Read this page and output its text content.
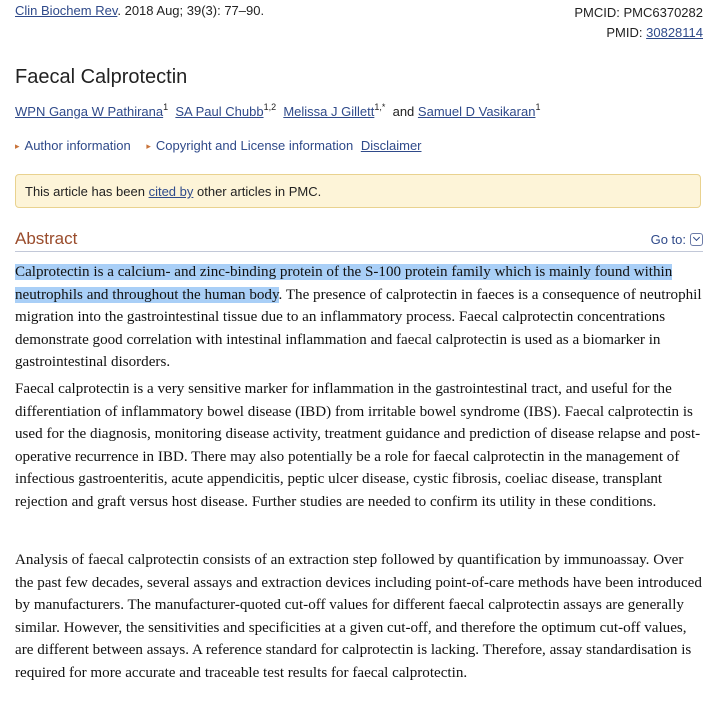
Clin Biochem Rev. 2018 Aug; 39(3): 77–90.	PMCID: PMC6370282
PMID: 30828114
Faecal Calprotectin
WPN Ganga W Pathirana$^1$ SA Paul Chubb$^{1,2}$ Melissa J Gillett$^{1,*}$ and Samuel D Vasikaran$^1$
▸ Author information ▸ Copyright and License information Disclaimer
This article has been cited by other articles in PMC.
Abstract	Go to:

Calprotectin is a calcium- and zinc-binding protein of the S-100 protein family which is mainly found within neutrophils and throughout the human body. The presence of calprotectin in faeces is a consequence of neutrophil migration into the gastrointestinal tissue due to an inflammatory process. Faecal calprotectin concentrations demonstrate good correlation with intestinal inflammation and faecal calprotectin is used as a biomarker in gastrointestinal disorders.

Faecal calprotectin is a very sensitive marker for inflammation in the gastrointestinal tract, and useful for the differentiation of inflammatory bowel disease (IBD) from irritable bowel syndrome (IBS). Faecal calprotectin is used for the diagnosis, monitoring disease activity, treatment guidance and prediction of disease relapse and post-operative recurrence in IBD. There may also potentially be a role for faecal calprotectin in the management of infectious gastroenteritis, acute appendicitis, peptic ulcer disease, cystic fibrosis, coeliac disease, transplant rejection and graft versus host disease. Further studies are needed to confirm its utility in these conditions.

Analysis of faecal calprotectin consists of an extraction step followed by quantification by immunoassay. Over the past few decades, several assays and extraction devices including point-of-care methods have been introduced by manufacturers. The manufacturer-quoted cut-off values for different faecal calprotectin assays are generally similar. However, the sensitivities and specificities at a given cut-off, and therefore the optimum cut-off values, are different between assays. A reference standard for calprotectin is lacking. Therefore, assay standardisation is required for more accurate and traceable test results for faecal calprotectin.
